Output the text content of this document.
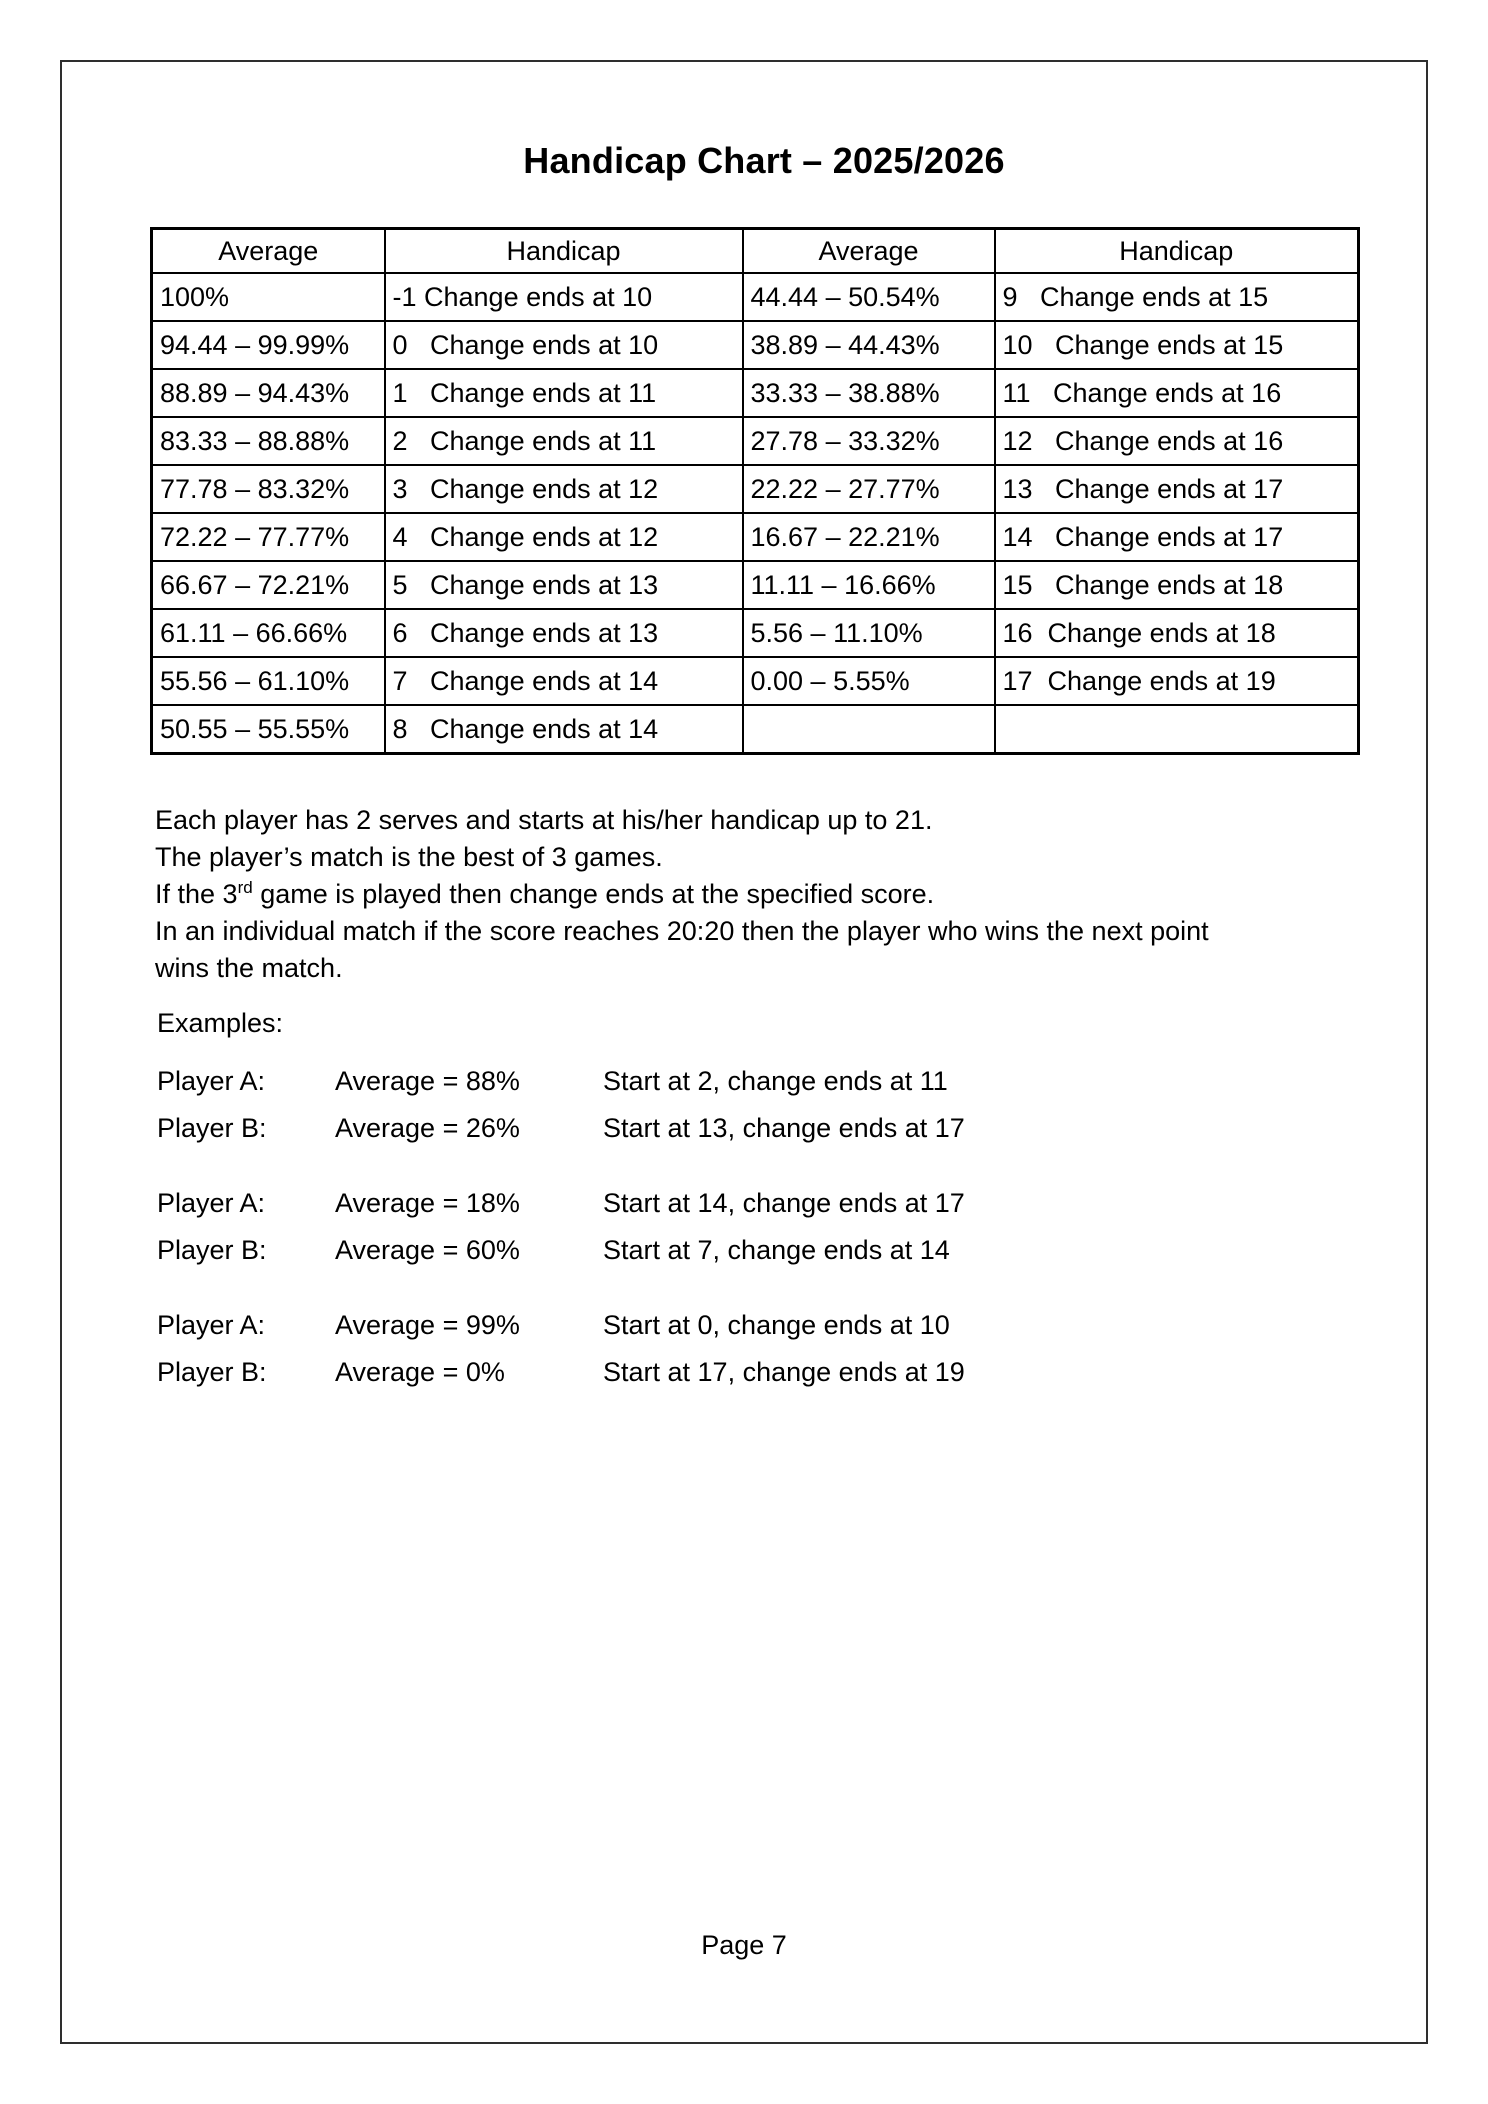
Handicap Chart – 2025/2026
Average	Handicap	Average	Handicap
100%	-1 Change ends at 10	44.44 – 50.54%	9   Change ends at 15
94.44 – 99.99%	0   Change ends at 10	38.89 – 44.43%	10   Change ends at 15
88.89 – 94.43%	1   Change ends at 11	33.33 – 38.88%	11   Change ends at 16
83.33 – 88.88%	2   Change ends at 11	27.78 – 33.32%	12   Change ends at 16
77.78 – 83.32%	3   Change ends at 12	22.22 – 27.77%	13   Change ends at 17
72.22 – 77.77%	4   Change ends at 12	16.67 – 22.21%	14   Change ends at 17
66.67 – 72.21%	5   Change ends at 13	11.11 – 16.66%	15   Change ends at 18
61.11 – 66.66%	6   Change ends at 13	5.56 – 11.10%	16  Change ends at 18
55.56 – 61.10%	7   Change ends at 14	0.00 – 5.55%	17  Change ends at 19
50.55 – 55.55%	8   Change ends at 14		
Each player has 2 serves and starts at his/her handicap up to 21.
The player’s match is the best of 3 games.
If the 3rd game is played then change ends at the specified score.
In an individual match if the score reaches 20:20 then the player who wins the next point
wins the match.
Examples:
Player A:	Average = 88%	Start at 2, change ends at 11
Player B:	Average = 26%	Start at 13, change ends at 17
Player A:	Average = 18%	Start at 14, change ends at 17
Player B:	Average = 60%	Start at 7, change ends at 14
Player A:	Average = 99%	Start at 0, change ends at 10
Player B:	Average = 0%	Start at 17, change ends at 19
Page 7
